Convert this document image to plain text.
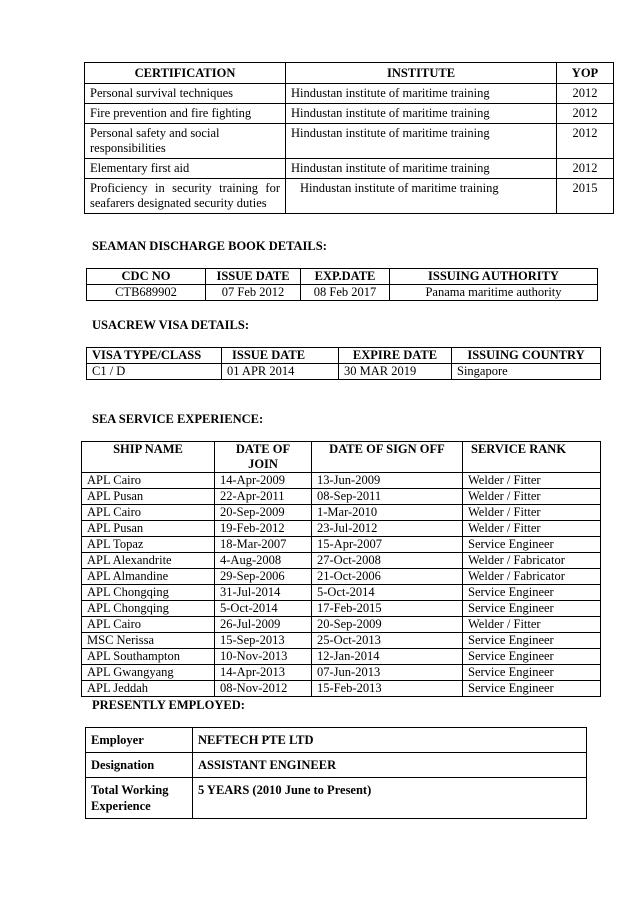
CERTIFICATION	INSTITUTE	YOP
Personal survival techniques	Hindustan institute of maritime training	2012
Fire prevention and fire fighting	Hindustan institute of maritime training	2012
Personal safety and social responsibilities	Hindustan institute of maritime training	2012
Elementary first aid	Hindustan institute of maritime training	2012
Proficiency in security training for seafarers designated security duties	Hindustan institute of maritime training	2015
SEAMAN DISCHARGE BOOK DETAILS:
CDC NO	ISSUE DATE	EXP.DATE	ISSUING AUTHORITY
CTB689902	07 Feb 2012	08 Feb 2017	Panama maritime authority
USACREW VISA DETAILS:
VISA TYPE/CLASS	ISSUE DATE	EXPIRE DATE	ISSUING COUNTRY
C1 / D	01 APR 2014	30 MAR 2019	Singapore
SEA SERVICE EXPERIENCE:
SHIP NAME	DATE OF JOIN	DATE OF SIGN OFF	SERVICE RANK
APL Cairo	14-Apr-2009	13-Jun-2009	Welder / Fitter
APL Pusan	22-Apr-2011	08-Sep-2011	Welder / Fitter
APL Cairo	20-Sep-2009	1-Mar-2010	Welder / Fitter
APL Pusan	19-Feb-2012	23-Jul-2012	Welder / Fitter
APL Topaz	18-Mar-2007	15-Apr-2007	Service Engineer
APL Alexandrite	4-Aug-2008	27-Oct-2008	Welder / Fabricator
APL Almandine	29-Sep-2006	21-Oct-2006	Welder / Fabricator
APL Chongqing	31-Jul-2014	5-Oct-2014	Service Engineer
APL Chongqing	5-Oct-2014	17-Feb-2015	Service Engineer
APL Cairo	26-Jul-2009	20-Sep-2009	Welder / Fitter
MSC Nerissa	15-Sep-2013	25-Oct-2013	Service Engineer
APL Southampton	10-Nov-2013	12-Jan-2014	Service Engineer
APL Gwangyang	14-Apr-2013	07-Jun-2013	Service Engineer
APL Jeddah	08-Nov-2012	15-Feb-2013	Service Engineer
PRESENTLY EMPLOYED:
Employer	NEFTECH PTE LTD
Designation	ASSISTANT ENGINEER
Total Working Experience	5 YEARS (2010 June to Present)
